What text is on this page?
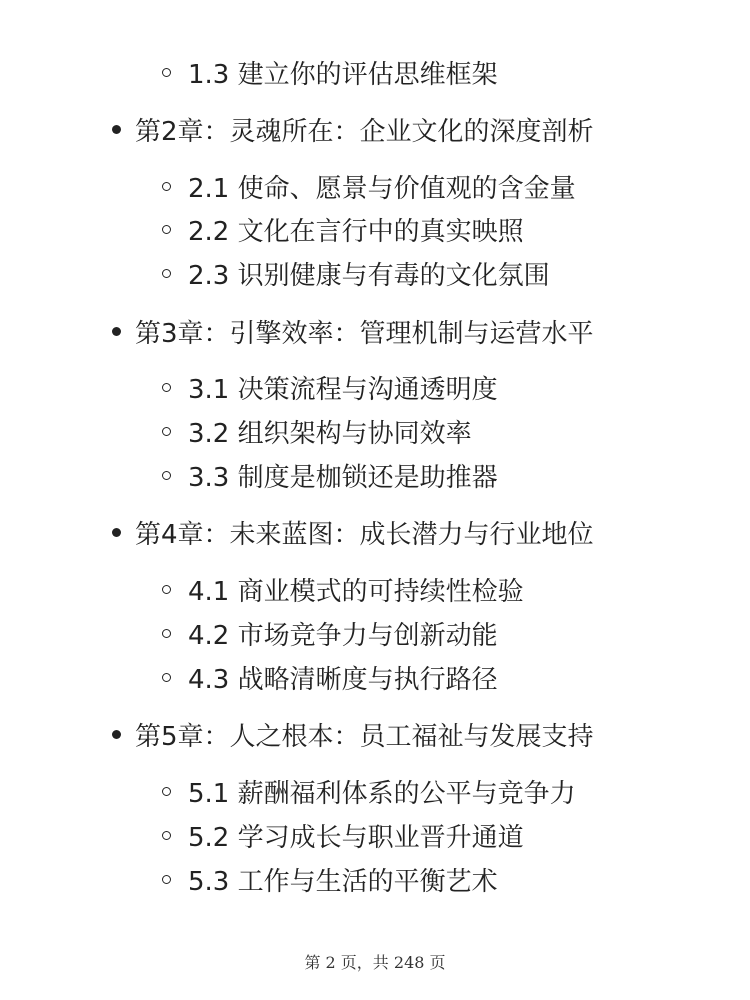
1.3 建立你的评估思维框架
第2章：灵魂所在：企业文化的深度剖析
2.1 使命、愿景与价值观的含金量
2.2 文化在言行中的真实映照
2.3 识别健康与有毒的文化氛围
第3章：引擎效率：管理机制与运营水平
3.1 决策流程与沟通透明度
3.2 组织架构与协同效率
3.3 制度是枷锁还是助推器
第4章：未来蓝图：成长潜力与行业地位
4.1 商业模式的可持续性检验
4.2 市场竞争力与创新动能
4.3 战略清晰度与执行路径
第5章：人之根本：员工福祉与发展支持
5.1 薪酬福利体系的公平与竞争力
5.2 学习成长与职业晋升通道
5.3 工作与生活的平衡艺术
第 2 页，共 248 页
